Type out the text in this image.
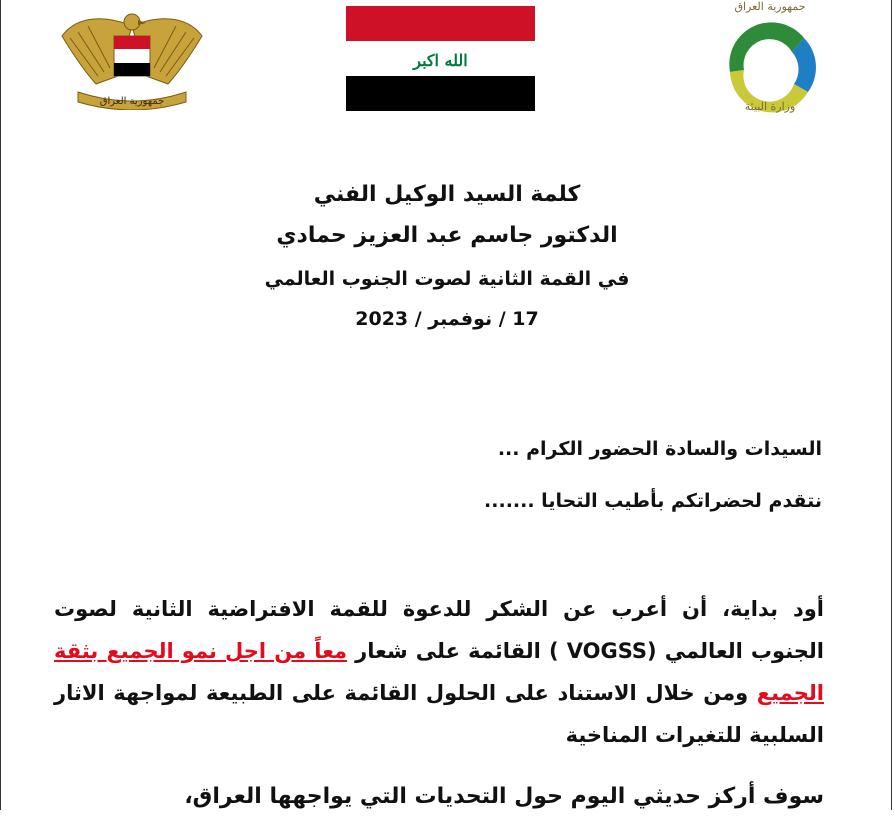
جمهورية العراق
الله اكبر
جمهورية العراق
وزارة البيئة
كلمة السيد الوكيل الفني
الدكتور جاسم عبد العزيز حمادي
في القمة الثانية لصوت الجنوب العالمي
17 / نوفمبر / 2023
السيدات والسادة الحضور الكرام ...
نتقدم لحضراتكم بأطيب التحايا .......
أود بداية، أن أعرب عن الشكر للدعوة للقمة الافتراضية الثانية لصوت الجنوب العالمي (VOGSS ) القائمة على شعار معاً من اجل نمو الجميع بثقة الجميع ومن خلال الاستناد على الحلول القائمة على الطبيعة لمواجهة الاثار السلبية للتغيرات المناخية
سوف أركز حديثي اليوم حول التحديات التي يواجهها العراق،
